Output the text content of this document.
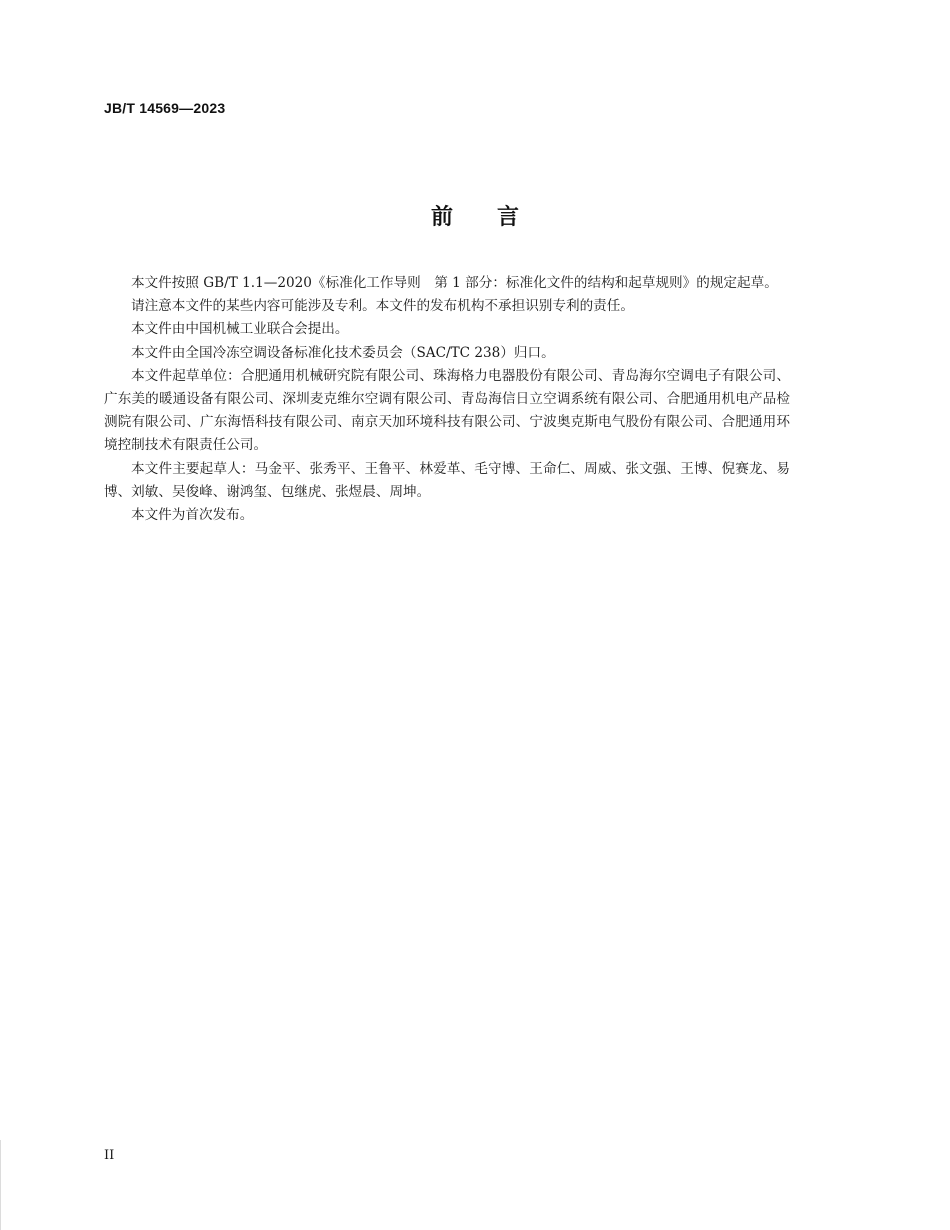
JB/T 14569—2023
前言

本文件按照 GB/T 1.1—2020《标准化工作导则　第 1 部分：标准化文件的结构和起草规则》的规定起草。

请注意本文件的某些内容可能涉及专利。本文件的发布机构不承担识别专利的责任。

本文件由中国机械工业联合会提出。

本文件由全国冷冻空调设备标准化技术委员会（SAC/TC 238）归口。

本文件起草单位：合肥通用机械研究院有限公司、珠海格力电器股份有限公司、青岛海尔空调电子有限公司、广东美的暖通设备有限公司、深圳麦克维尔空调有限公司、青岛海信日立空调系统有限公司、合肥通用机电产品检测院有限公司、广东海悟科技有限公司、南京天加环境科技有限公司、宁波奥克斯电气股份有限公司、合肥通用环境控制技术有限责任公司。

本文件主要起草人：马金平、张秀平、王鲁平、林爱革、毛守博、王命仁、周威、张文强、王博、倪赛龙、易博、刘敏、吴俊峰、谢鸿玺、包继虎、张煜晨、周坤。

本文件为首次发布。

II
